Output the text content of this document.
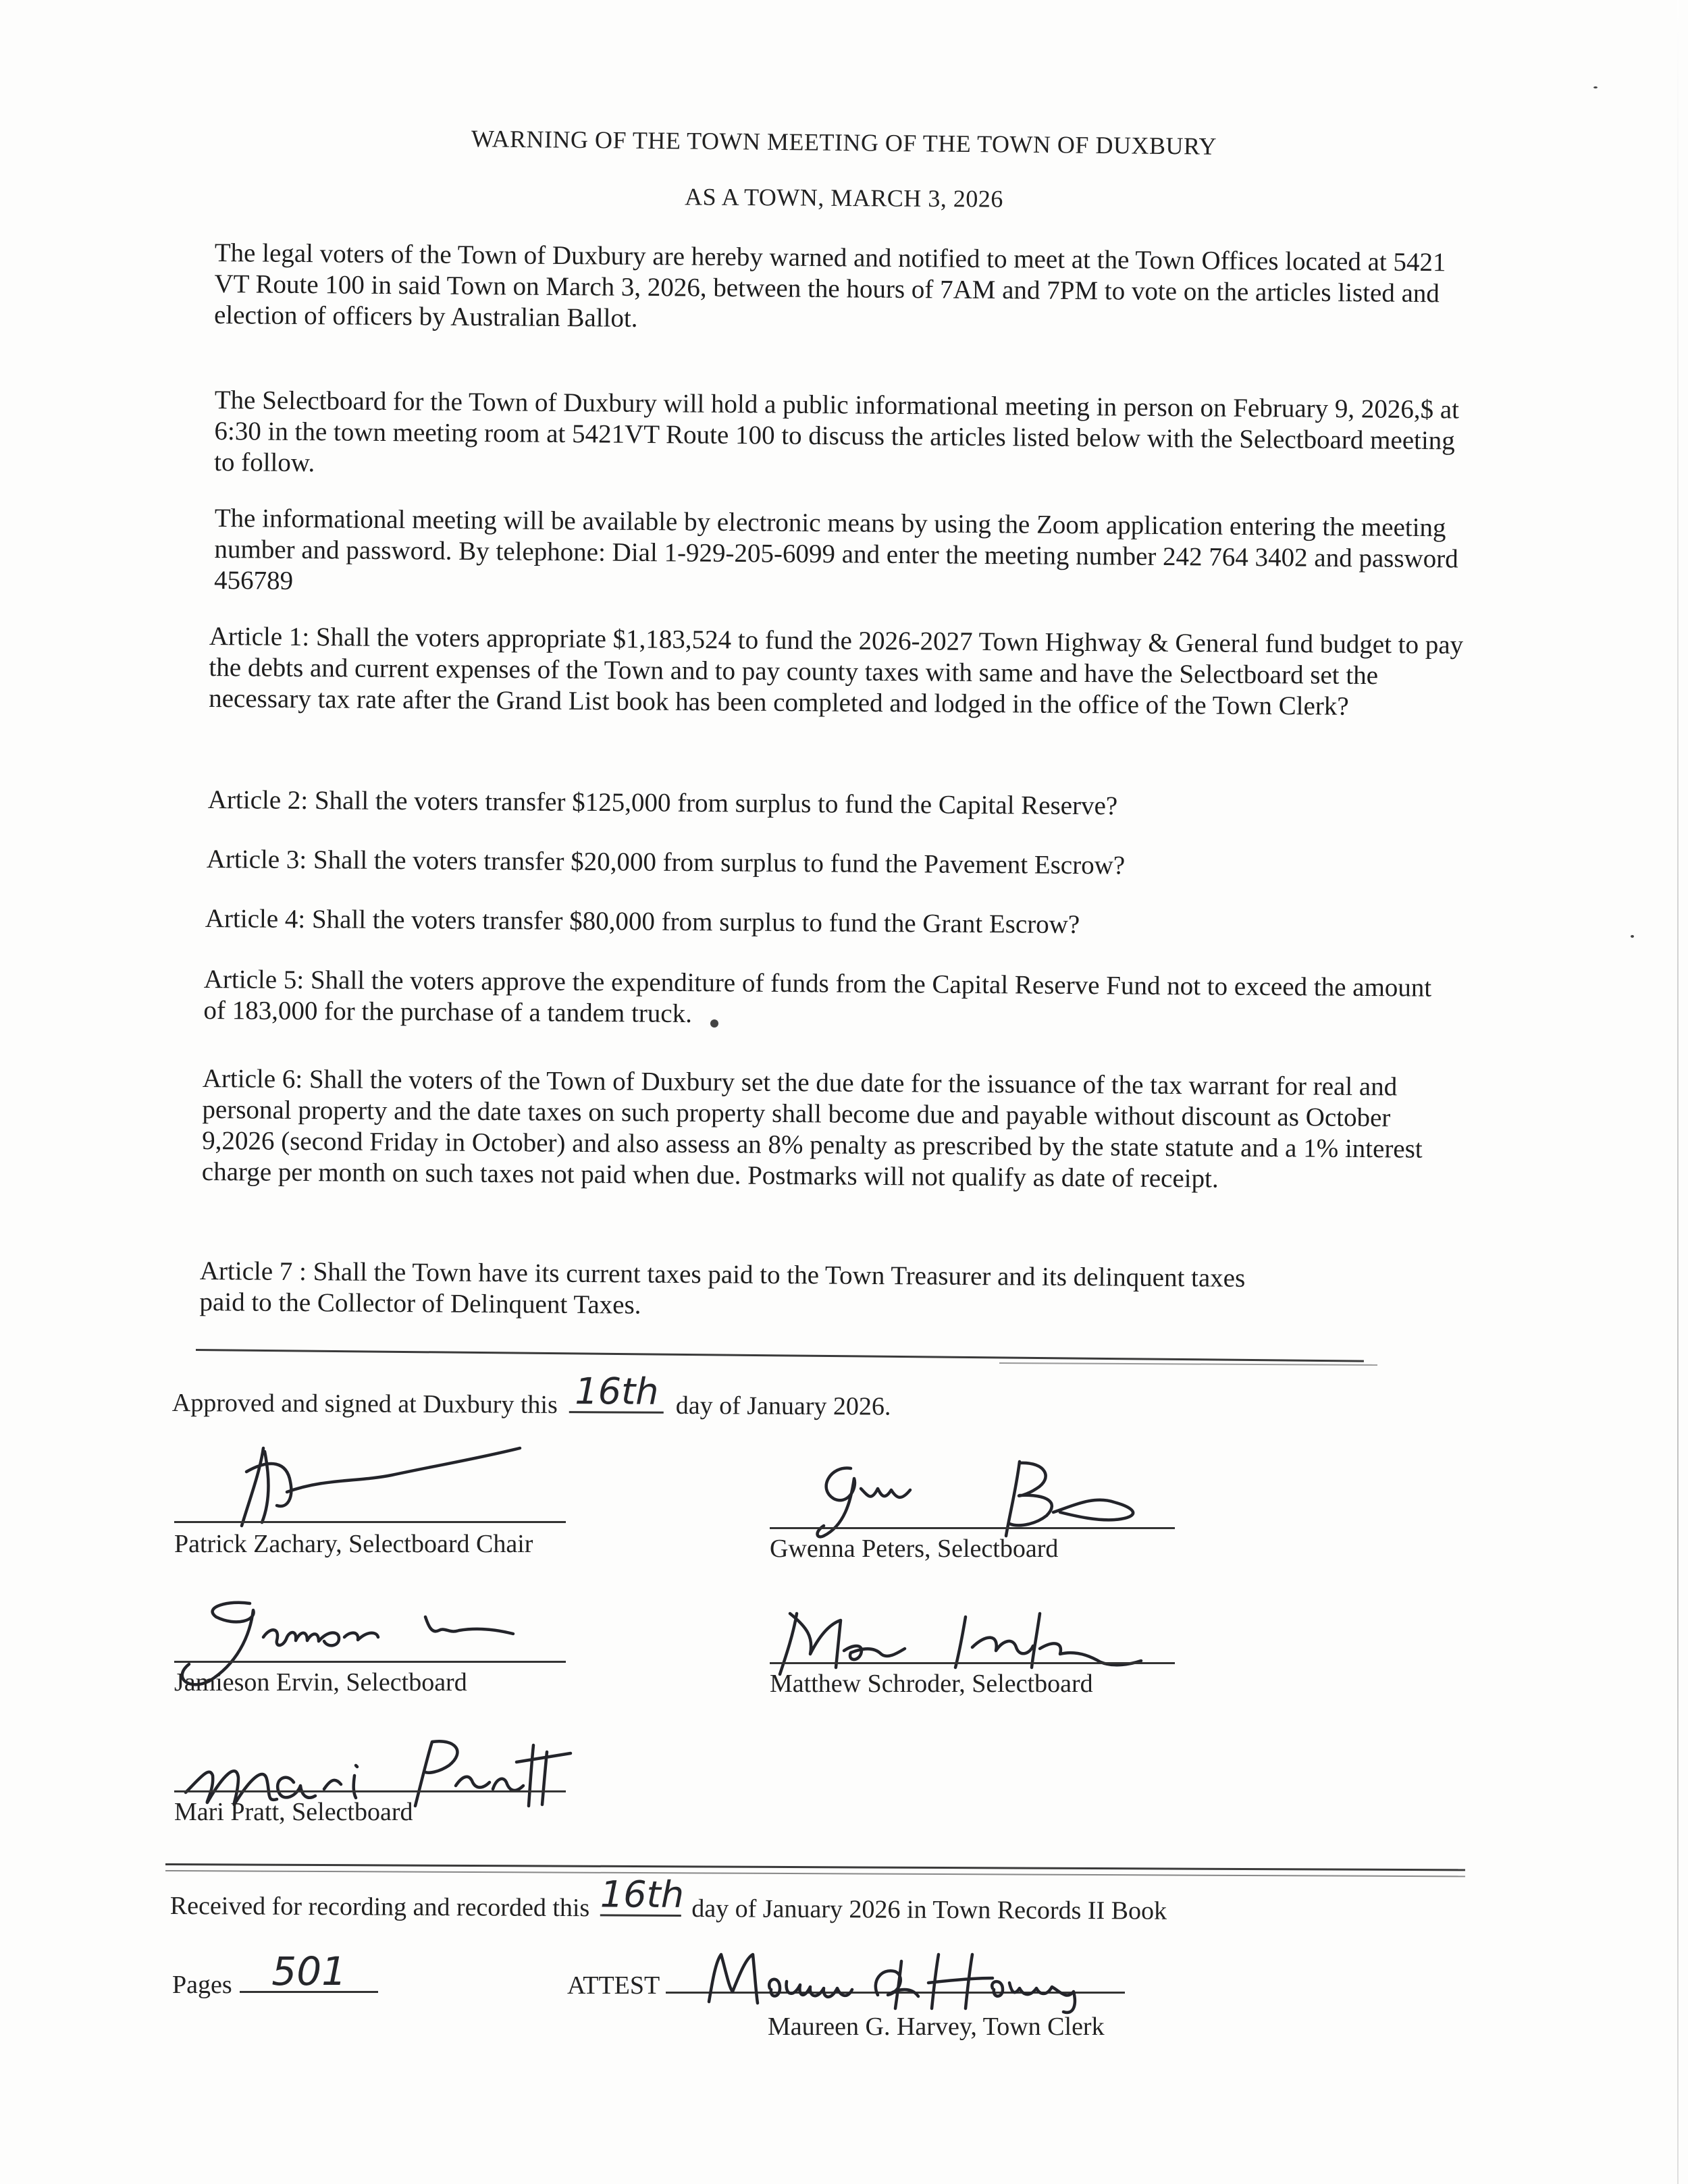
WARNING OF THE TOWN MEETING OF THE TOWN OF DUXBURY
AS A TOWN, MARCH 3, 2026
The legal voters of the Town of Duxbury are hereby warned and notified to meet at the Town Offices located at 5421 VT Route 100 in said Town on March 3, 2026, between the hours of 7AM and 7PM to vote on the articles listed and election of officers by Australian Ballot.
The Selectboard for the Town of Duxbury will hold a public informational meeting in person on February 9, 2026,$ at 6:30 in the town meeting room at 5421VT Route 100 to discuss the articles listed below with the Selectboard meeting to follow.
The informational meeting will be available by electronic means by using the Zoom application entering the meeting number and password. By telephone: Dial 1-929-205-6099 and enter the meeting number 242 764 3402 and password 456789
Article 1: Shall the voters appropriate $1,183,524 to fund the 2026-2027 Town Highway & General fund budget to pay the debts and current expenses of the Town and to pay county taxes with same and have the Selectboard set the necessary tax rate after the Grand List book has been completed and lodged in the office of the Town Clerk?
Article 2: Shall the voters transfer $125,000 from surplus to fund the Capital Reserve?
Article 3: Shall the voters transfer $20,000 from surplus to fund the Pavement Escrow?
Article 4: Shall the voters transfer $80,000 from surplus to fund the Grant Escrow?
Article 5: Shall the voters approve the expenditure of funds from the Capital Reserve Fund not to exceed the amount of 183,000 for the purchase of a tandem truck.
Article 6: Shall the voters of the Town of Duxbury set the due date for the issuance of the tax warrant for real and personal property and the date taxes on such property shall become due and payable without discount as October 9,2026 (second Friday in October) and also assess an 8% penalty as prescribed by the state statute and a 1% interest charge per month on such taxes not paid when due. Postmarks will not qualify as date of receipt.
Article 7 : Shall the Town have its current taxes paid to the Town Treasurer and its delinquent taxes paid to the Collector of Delinquent Taxes.
Approved and signed at Duxbury this 16th day of January 2026.
Patrick Zachary, Selectboard Chair	Gwenna Peters, Selectboard
Jamieson Ervin, Selectboard	Matthew Schroder, Selectboard
Mari Pratt, Selectboard
Received for recording and recorded this 16th day of January 2026 in Town Records II Book
Pages	501	ATTEST
Maureen G. Harvey, Town Clerk
